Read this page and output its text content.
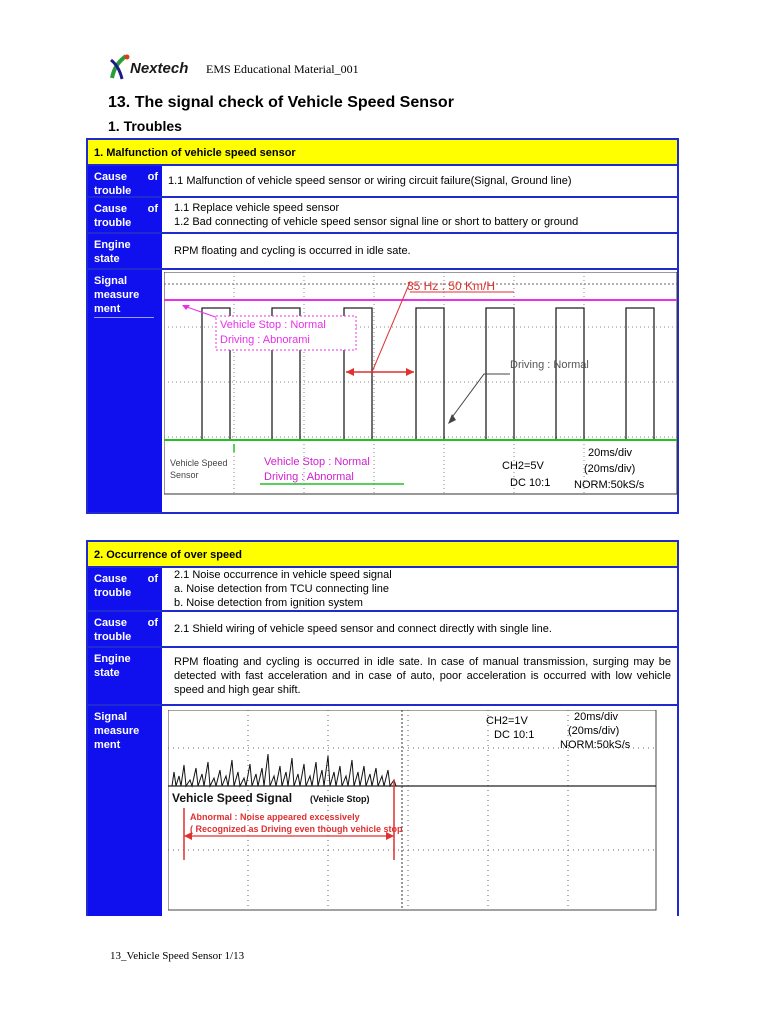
Nextech EMS Educational Material_001
13. The signal check of Vehicle Speed Sensor
1. Troubles
1. Malfunction of vehicle speed sensor
Cause of
trouble
1.1 Malfunction of vehicle speed sensor or wiring circuit failure(Signal, Ground line)
Cause of
trouble
1.1 Replace vehicle speed sensor
1.2 Bad connecting of vehicle speed sensor signal line or short to battery or ground
Engine
state
RPM floating and cycling is occurred in idle sate.
Signal
measure
ment
35 Hz : 50 Km/H
Vehicle Stop : Normal
Driving : Abnorami
Driving : Normal
Vehicle Speed
Sensor
Vehicle Stop : Normal
Driving : Abnormal
CH2=5V
DC 10:1
20ms/div
(20ms/div)
NORM:50kS/s
2. Occurrence of over speed
Cause of
trouble
2.1 Noise occurrence in vehicle speed signal
a. Noise detection from TCU connecting line
b. Noise detection from ignition system
Cause of
trouble
2.1 Shield wiring of vehicle speed sensor and connect directly with single line.
Engine
state
RPM floating and cycling is occurred in idle sate. In case of manual transmission, surging may be detected with fast acceleration and in case of auto, poor acceleration is occurred with low vehicle speed and high gear shift.
Signal
measure
ment
Vehicle Speed Signal (Vehicle Stop)
Abnormal : Noise appeared excessively
( Recognized as Driving even though vehicle stop
CH2=1V
DC 10:1
20ms/div
(20ms/div)
NORM:50kS/s
13_Vehicle Speed Sensor 1/13
